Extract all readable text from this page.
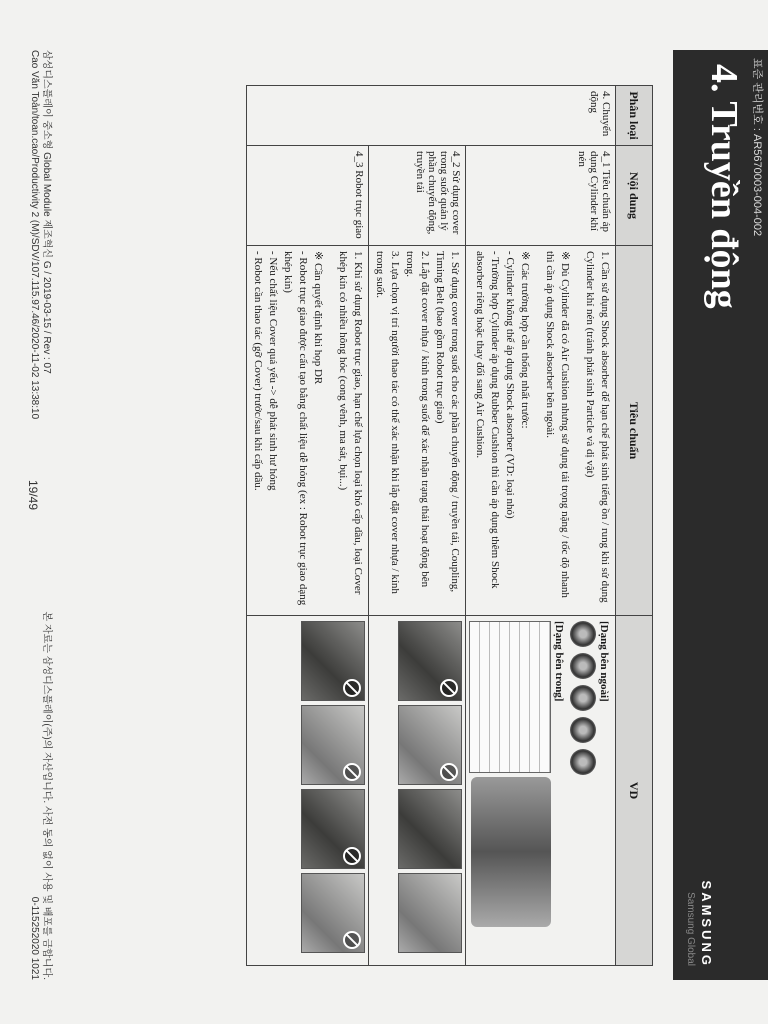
표준 관리번호 : AR5670003-004-002
4. Truyền động
SAMSUNG
Samsung Global
Phân loại	Nội dung	Tiêu chuẩn	VD
4. Chuyển động	4_1 Tiêu chuẩn áp dụng Cylinder khí nén	1. Cần sử dụng Shock absorber để hạn chế phát sinh tiếng ồn / rung khi sử dụng Cylinder khí nén (tránh phát sinh Particle và dị vật)
※ Dù Cylinder đã có Air Cushion nhưng sử dụng tải trọng nặng / tốc độ nhanh thì cần áp dụng Shock absorber bên ngoài.
※ Các trường hợp cần thống nhất trước:
- Cylinder không thể áp dụng Shock absorber (VD: loại nhỏ)
- Trường hợp Cylinder áp dụng Rubber Cushion thì cần áp dụng thêm Shock absorber riêng hoặc thay đổi sang Air Cushion.	[Dạng bên ngoài]
[Dạng bên trong]

	4_2 Sử dụng cover trong suốt quản lý phần chuyển động, truyền tải	1. Sử dụng cover trong suốt cho các phần chuyển động / truyền tải, Coupling, Timing Belt (bao gồm Robot trục giao)
2. Lắp đặt cover nhựa / kính trong suốt để xác nhận trạng thái hoạt động bên trong.
3. Lựa chọn vị trí người thao tác có thể xác nhận khi lắp đặt cover nhựa / kính trong suốt.	

	4_3 Robot trục giao	1. Khi sử dụng Robot trục giao, hạn chế lựa chọn loại khó cấp dầu, loại Cover khép kín có nhiều hông hóc (cong vênh, ma sát, bụi...)
※ Cần quyết định khi họp DR
- Robot trục giao được cấu tạo bằng chất liệu dễ hỏng (ex : Robot trục giao dạng khép kín)
- Nếu chất liệu Cover quá yếu -> dễ phát sinh hư hỏng
- Robot cần thao tác (gỡ Cover) trước/sau khi cấp dầu.	

삼성디스플레이 중소형 Global Module 제조혁신 G / 2019-03-15 / Rev : 07
Cao Văn Toản/toan.cao/Productivity 2 (M)/SDV/107.115.97.46/2020-11-02 13:38:10
19/49
본 자료는 삼성디스플레이(주)의 자산입니다. 사전 동의 없이 사용 및 배포를 금합니다.
0-115252020 1021
